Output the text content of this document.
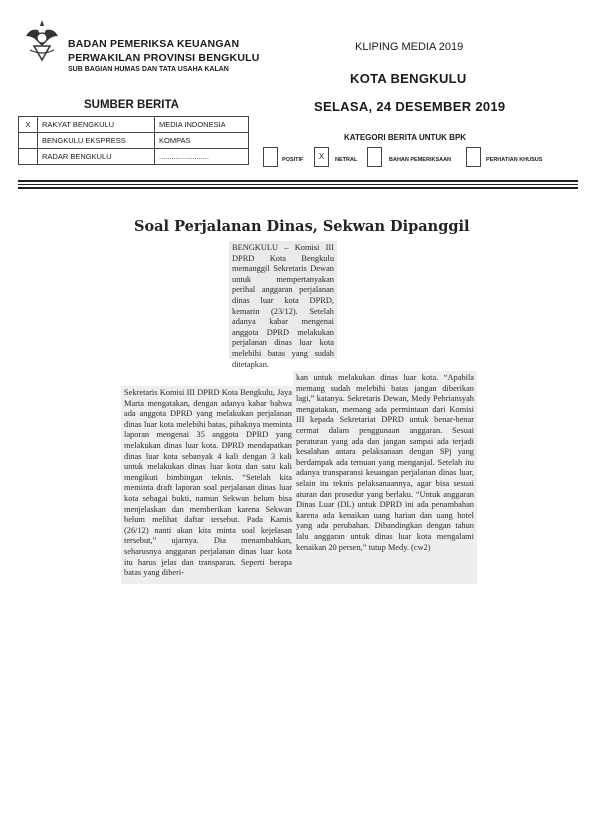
BADAN PEMERIKSA KEUANGAN
PERWAKILAN PROVINSI BENGKULU
SUB BAGIAN HUMAS DAN TATA USAHA KALAN
KLIPING MEDIA 2019
KOTA BENGKULU
SELASA, 24 DESEMBER 2019
SUMBER BERITA
X	RAKYAT BENGKULU	MEDIA INDONESIA
	BENGKULU EKSPRESS	KOMPAS
	RADAR BENGKULU	........................
KATEGORI BERITA UNTUK BPK
POSITIF	X	NETRAL	BAHAN PEMERIKSAAN	PERHATIAN KHUSUS
Soal Perjalanan Dinas, Sekwan Dipanggil
BENGKULU – Komisi III DPRD Kota Bengkulu memanggil Sekretaris Dewan untuk mempertanyakan perihal anggaran perjalanan dinas luar kota DPRD, kemarin (23/12). Setelah adanya kabar mengenai anggota DPRD melakukan perjalanan dinas luar kota melebihi batas yang sudah ditetapkan.
Sekretaris Komisi III DPRD Kota Bengkulu, Jaya Marta mengatakan, dengan adanya kabar bahwa ada anggota DPRD yang melakukan perjalanan dinas luar kota melebihi batas, pihaknya meminta laporan mengenai 35 anggota DPRD yang melakukan dinas luar kota. DPRD mendapatkan dinas luar kota sebanyak 4 kali dengan 3 kali untuk melakukan dinas luar kota dan satu kali mengikuti bimbingan teknis. “Setelah kita meminta draft laporan soal perjalanan dinas luar kota sebagai bukti, namun Sekwan belum bisa menjelaskan dan memberikan karena Sekwan belum melihat daftar tersebut. Pada Kamis (26/12) nanti akan kita minta soal kejelasan tersebut,” ujarnya. Dia menambahkan, seharusnya anggaran perjalanan dinas luar kota itu harus jelas dan transparan. Seperti berapa batas yang diberi-
kan untuk melakukan dinas luar kota. “Apabila memang sudah melebihi batas jangan diberikan lagi,” katanya. Sekretaris Dewan, Medy Pebriansyah mengatakan, memang ada permintaan dari Komisi III kepada Sekretariat DPRD untuk benar-benar cermat dalam penggunaan anggaran. Sesuai peraturan yang ada dan jangan sampai ada terjadi kesalahan antara pelaksanaan dengan SPj yang berdampak ada temuan yang menganjal. Setelah itu adanya transparansi keuangan perjalanan dinas luar, selain itu teknis pelaksanaannya, agar bisa sesuai aturan dan prosedur yang berlaku. “Untuk anggaran Dinas Luar (DL) untuk DPRD ini ada penambahan karena ada kenaikan uang harian dan uang hotel yang ada perubahan. Dibandingkan dengan tahun lalu anggaran untuk dinas luar kota mengalami kenaikan 20 persen,” tutup Medy. (cw2)
